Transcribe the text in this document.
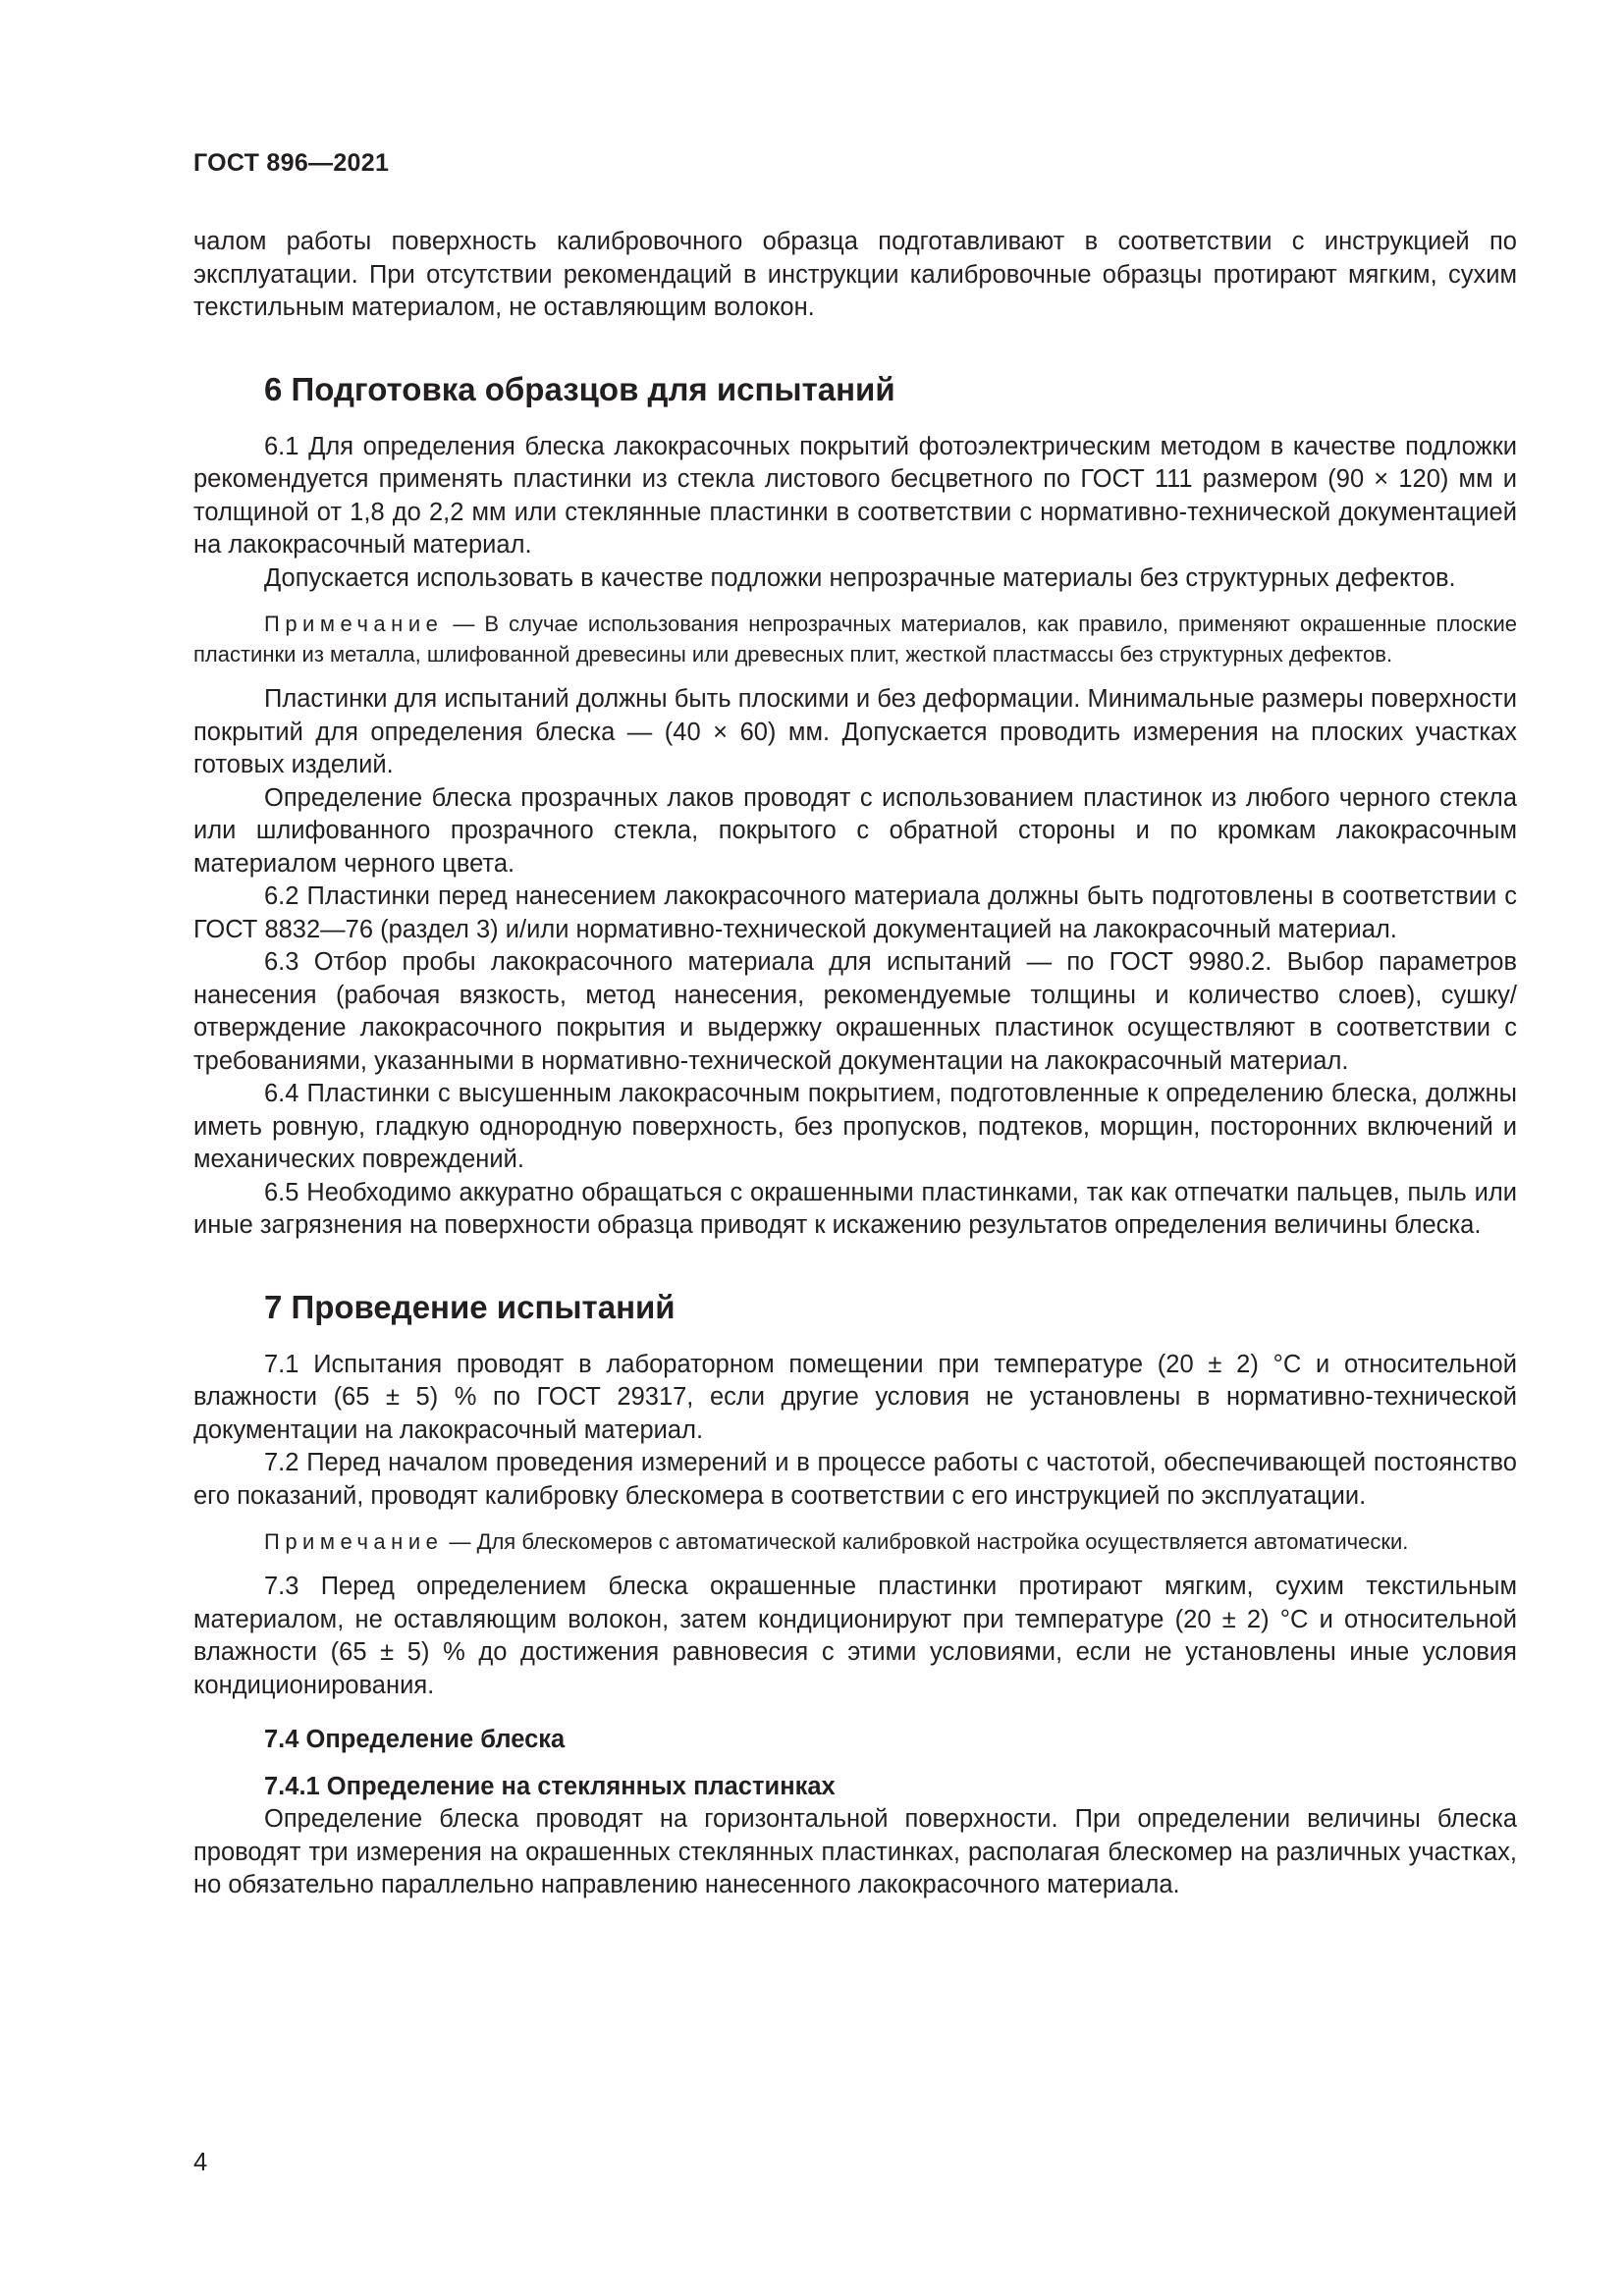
ГОСТ 896—2021

чалом работы поверхность калибровочного образца подготавливают в соответствии с инструкцией по эксплуатации. При отсутствии рекомендаций в инструкции калибровочные образцы протирают мягким, сухим текстильным материалом, не оставляющим волокон.

6 Подготовка образцов для испытаний

6.1 Для определения блеска лакокрасочных покрытий фотоэлектрическим методом в качестве подложки рекомендуется применять пластинки из стекла листового бесцветного по ГОСТ 111 размером (90 × 120) мм и толщиной от 1,8 до 2,2 мм или стеклянные пластинки в соответствии с нормативно-технической документацией на лакокрасочный материал.

Допускается использовать в качестве подложки непрозрачные материалы без структурных дефектов.

Примечание — В случае использования непрозрачных материалов, как правило, применяют окрашенные плоские пластинки из металла, шлифованной древесины или древесных плит, жесткой пластмассы без структурных дефектов.

Пластинки для испытаний должны быть плоскими и без деформации. Минимальные размеры поверхности покрытий для определения блеска — (40 × 60) мм. Допускается проводить измерения на плоских участках готовых изделий.

Определение блеска прозрачных лаков проводят с использованием пластинок из любого черного стекла или шлифованного прозрачного стекла, покрытого с обратной стороны и по кромкам лакокрасочным материалом черного цвета.

6.2 Пластинки перед нанесением лакокрасочного материала должны быть подготовлены в соответствии с ГОСТ 8832—76 (раздел 3) и/или нормативно-технической документацией на лакокрасочный материал.

6.3 Отбор пробы лакокрасочного материала для испытаний — по ГОСТ 9980.2. Выбор параметров нанесения (рабочая вязкость, метод нанесения, рекомендуемые толщины и количество слоев), сушку/отверждение лакокрасочного покрытия и выдержку окрашенных пластинок осуществляют в соответствии с требованиями, указанными в нормативно-технической документации на лакокрасочный материал.

6.4 Пластинки с высушенным лакокрасочным покрытием, подготовленные к определению блеска, должны иметь ровную, гладкую однородную поверхность, без пропусков, подтеков, морщин, посторонних включений и механических повреждений.

6.5 Необходимо аккуратно обращаться с окрашенными пластинками, так как отпечатки пальцев, пыль или иные загрязнения на поверхности образца приводят к искажению результатов определения величины блеска.

7 Проведение испытаний

7.1 Испытания проводят в лабораторном помещении при температуре (20 ± 2) °С и относительной влажности (65 ± 5) % по ГОСТ 29317, если другие условия не установлены в нормативно-технической документации на лакокрасочный материал.

7.2 Перед началом проведения измерений и в процессе работы с частотой, обеспечивающей постоянство его показаний, проводят калибровку блескомера в соответствии с его инструкцией по эксплуатации.

Примечание — Для блескомеров с автоматической калибровкой настройка осуществляется автоматически.

7.3 Перед определением блеска окрашенные пластинки протирают мягким, сухим текстильным материалом, не оставляющим волокон, затем кондиционируют при температуре (20 ± 2) °С и относительной влажности (65 ± 5) % до достижения равновесия с этими условиями, если не установлены иные условия кондиционирования.

7.4 Определение блеска
7.4.1 Определение на стеклянных пластинках

Определение блеска проводят на горизонтальной поверхности. При определении величины блеска проводят три измерения на окрашенных стеклянных пластинках, располагая блескомер на различных участках, но обязательно параллельно направлению нанесенного лакокрасочного материала.

4
